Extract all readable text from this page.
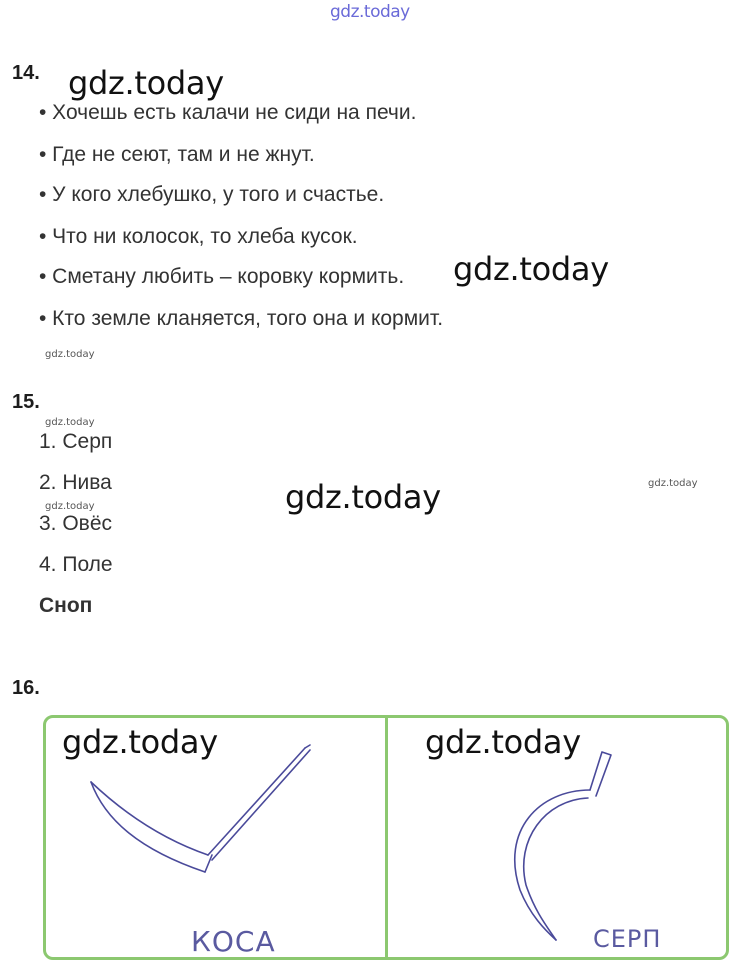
gdz.today
14. gdz.today
• Хочешь есть калачи не сиди на печи.
• Где не сеют, там и не жнут.
• У кого хлебушко, у того и счастье.
• Что ни колосок, то хлеба кусок.
• Сметану любить – коровку кормить. gdz.today
• Кто земле кланяется, того она и кормит.
gdz.today
15.
gdz.today
1. Серп
2. Нива	gdz.today	gdz.today
gdz.today
3. Овёс
4. Поле
Сноп
16.
gdz.today	gdz.today
КОСА	СЕРП
